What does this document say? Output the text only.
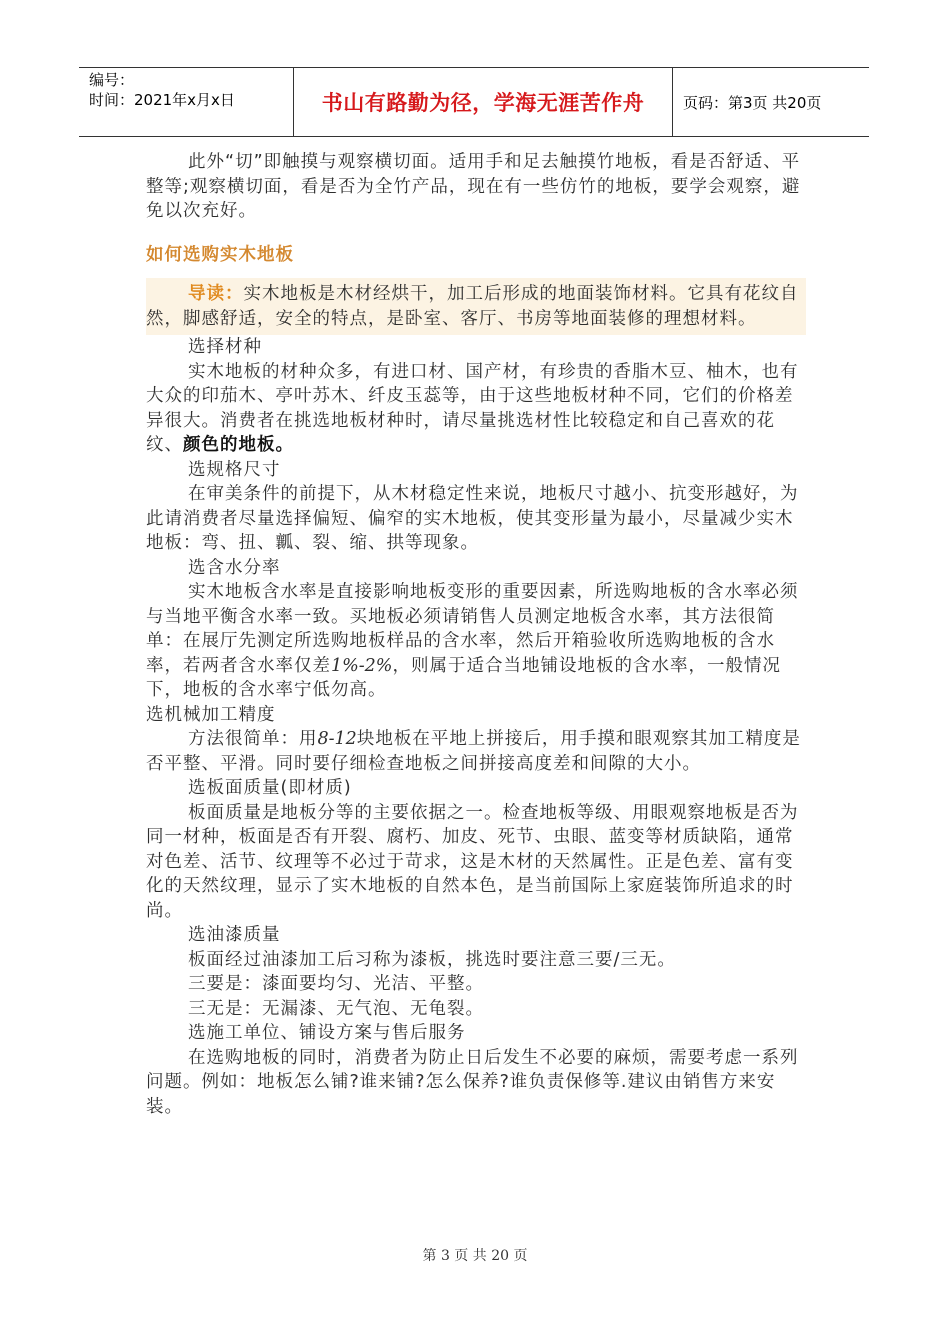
编号：
时间：2021年x月x日	书山有路勤为径，学海无涯苦作舟	页码：第3页 共20页

此外“切”即触摸与观察横切面。适用手和足去触摸竹地板，看是否舒适、平整等;观察横切面，看是否为全竹产品，现在有一些仿竹的地板，要学会观察，避免以次充好。

如何选购实木地板

导读：实木地板是木材经烘干，加工后形成的地面装饰材料。它具有花纹自然，脚感舒适，安全的特点，是卧室、客厅、书房等地面装修的理想材料。

选择材种

实木地板的材种众多，有进口材、国产材，有珍贵的香脂木豆、柚木，也有大众的印茄木、亭叶苏木、纤皮玉蕊等，由于这些地板材种不同，它们的价格差异很大。消费者在挑选地板材种时，请尽量挑选材性比较稳定和自己喜欢的花纹、颜色的地板。

选规格尺寸

在审美条件的前提下，从木材稳定性来说，地板尺寸越小、抗变形越好，为此请消费者尽量选择偏短、偏窄的实木地板，使其变形量为最小，尽量减少实木地板：弯、扭、瓤、裂、缩、拱等现象。

选含水分率

实木地板含水率是直接影响地板变形的重要因素，所选购地板的含水率必须与当地平衡含水率一致。买地板必须请销售人员测定地板含水率，其方法很简单：在展厅先测定所选购地板样品的含水率，然后开箱验收所选购地板的含水率，若两者含水率仅差1%-2%，则属于适合当地铺设地板的含水率，一般情况下，地板的含水率宁低勿高。

选机械加工精度

方法很简单：用8-12块地板在平地上拼接后，用手摸和眼观察其加工精度是否平整、平滑。同时要仔细检查地板之间拼接高度差和间隙的大小。

选板面质量(即材质)

板面质量是地板分等的主要依据之一。检查地板等级、用眼观察地板是否为同一材种，板面是否有开裂、腐朽、加皮、死节、虫眼、蓝变等材质缺陷，通常对色差、活节、纹理等不必过于苛求，这是木材的天然属性。正是色差、富有变化的天然纹理，显示了实木地板的自然本色，是当前国际上家庭装饰所追求的时尚。

选油漆质量

板面经过油漆加工后习称为漆板，挑选时要注意三要/三无。

三要是：漆面要均匀、光洁、平整。

三无是：无漏漆、无气泡、无龟裂。

选施工单位、铺设方案与售后服务

在选购地板的同时，消费者为防止日后发生不必要的麻烦，需要考虑一系列问题。例如：地板怎么铺?谁来铺?怎么保养?谁负责保修等.建议由销售方来安装。

第 3 页 共 20 页
